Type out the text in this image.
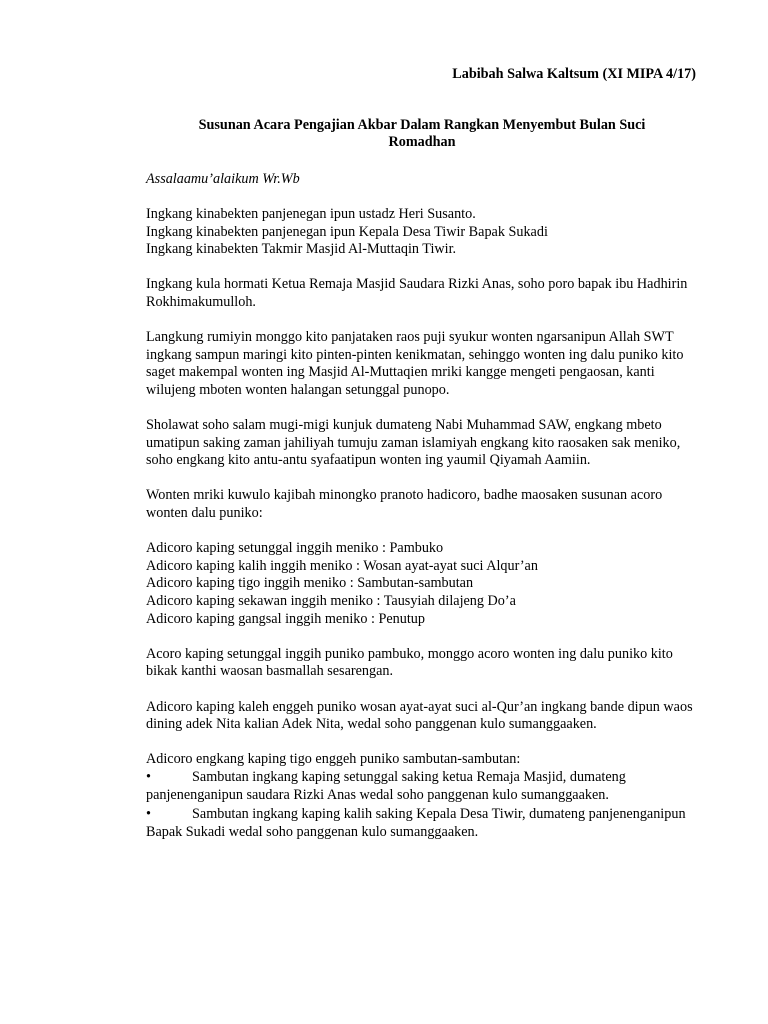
Labibah Salwa Kaltsum (XI MIPA 4/17)

Susunan Acara Pengajian Akbar Dalam Rangkan Menyembut Bulan Suci Romadhan

Assalaamu’alaikum Wr.Wb

Ingkang kinabekten panjenegan ipun ustadz Heri Susanto.
Ingkang kinabekten panjenegan ipun Kepala Desa Tiwir Bapak Sukadi
Ingkang kinabekten Takmir Masjid Al-Muttaqin Tiwir.

Ingkang kula hormati Ketua Remaja Masjid Saudara Rizki Anas, soho poro bapak ibu Hadhirin Rokhimakumulloh.

Langkung rumiyin monggo kito panjataken raos puji syukur wonten ngarsanipun Allah SWT ingkang sampun maringi kito pinten-pinten kenikmatan, sehinggo wonten ing dalu puniko kito saget makempal wonten ing Masjid Al-Muttaqien mriki kangge mengeti pengaosan, kanti wilujeng mboten wonten halangan setunggal punopo.

Sholawat soho salam mugi-migi kunjuk dumateng Nabi Muhammad SAW, engkang mbeto umatipun saking zaman jahiliyah tumuju zaman islamiyah engkang kito raosaken sak meniko, soho engkang kito antu-antu syafaatipun wonten ing yaumil Qiyamah Aamiin.

Wonten mriki kuwulo kajibah minongko pranoto hadicoro, badhe maosaken susunan acoro wonten dalu puniko:

Adicoro kaping setunggal inggih meniko : Pambuko
Adicoro kaping kalih inggih meniko : Wosan ayat-ayat suci Alqur’an
Adicoro kaping tigo inggih meniko : Sambutan-sambutan
Adicoro kaping sekawan inggih meniko : Tausyiah dilajeng Do’a
Adicoro kaping gangsal inggih meniko : Penutup

Acoro kaping setunggal inggih puniko pambuko, monggo acoro wonten ing dalu puniko kito bikak kanthi waosan basmallah sesarengan.

Adicoro kaping kaleh enggeh puniko wosan ayat-ayat suci al-Qur’an ingkang bande dipun waos dining adek Nita kalian Adek Nita, wedal soho panggenan kulo sumanggaaken.

Adicoro engkang kaping tigo enggeh puniko sambutan-sambutan:
•	Sambutan ingkang kaping setunggal saking ketua Remaja Masjid, dumateng panjenenganipun saudara Rizki Anas wedal soho panggenan kulo sumanggaaken.
•	Sambutan ingkang kaping kalih saking Kepala Desa Tiwir, dumateng panjenenganipun Bapak Sukadi wedal soho panggenan kulo sumanggaaken.
